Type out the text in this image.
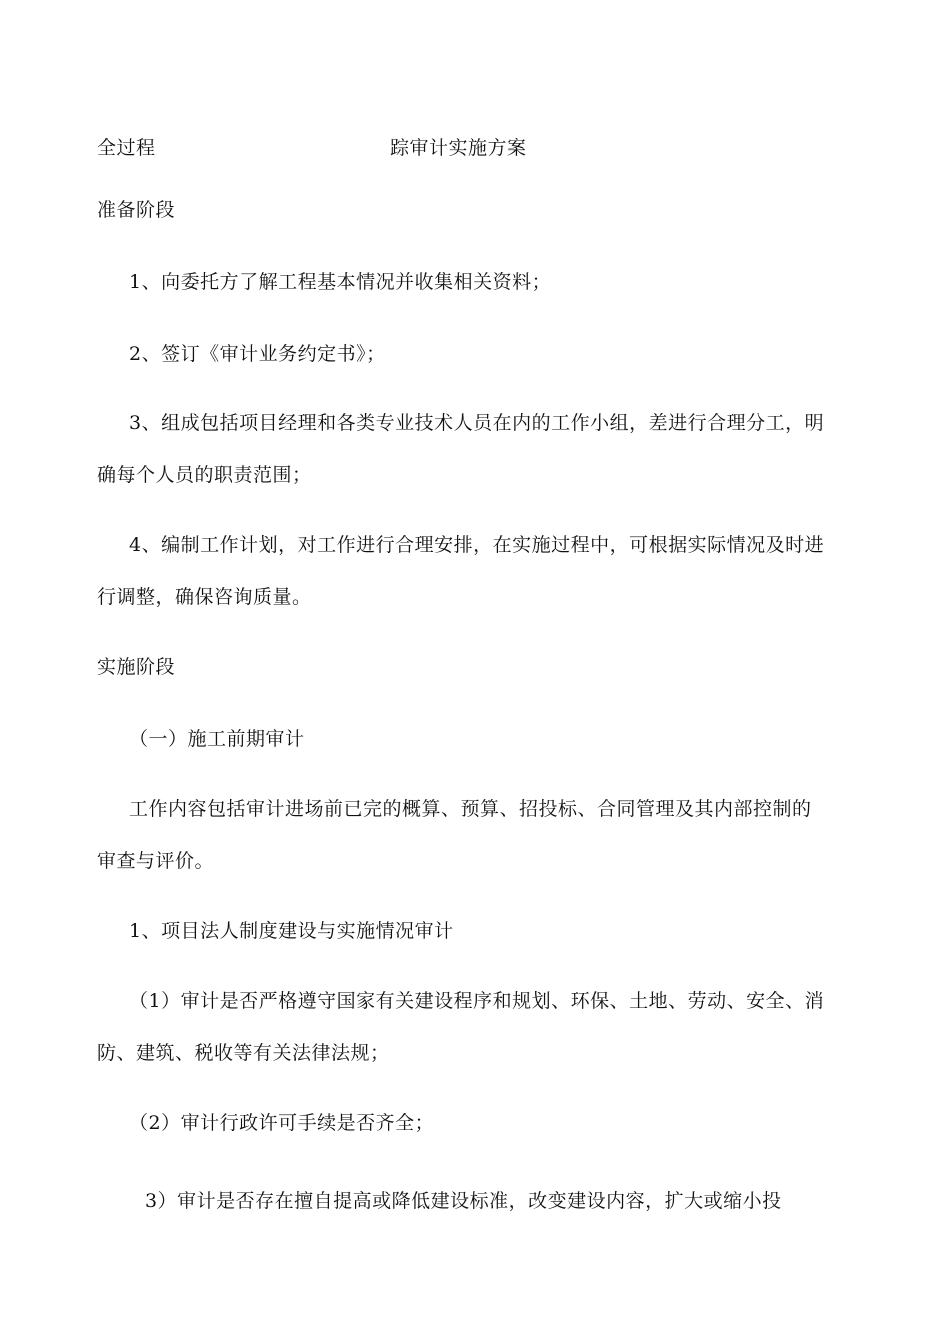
全过程	踪审计实施方案
准备阶段
1、向委托方了解工程基本情况并收集相关资料；
2、签订《审计业务约定书》；
3、组成包括项目经理和各类专业技术人员在内的工作小组，差进行合理分工，明
确每个人员的职责范围；
4、编制工作计划，对工作进行合理安排，在实施过程中，可根据实际情况及时进
行调整，确保咨询质量。
实施阶段
（一）施工前期审计
工作内容包括审计进场前已完的概算、预算、招投标、合同管理及其内部控制的
审查与评价。
1、项目法人制度建设与实施情况审计
（1）审计是否严格遵守国家有关建设程序和规划、环保、土地、劳动、安全、消
防、建筑、税收等有关法律法规；
（2）审计行政许可手续是否齐全；
3）审计是否存在擅自提高或降低建设标准，改变建设内容，扩大或缩小投
